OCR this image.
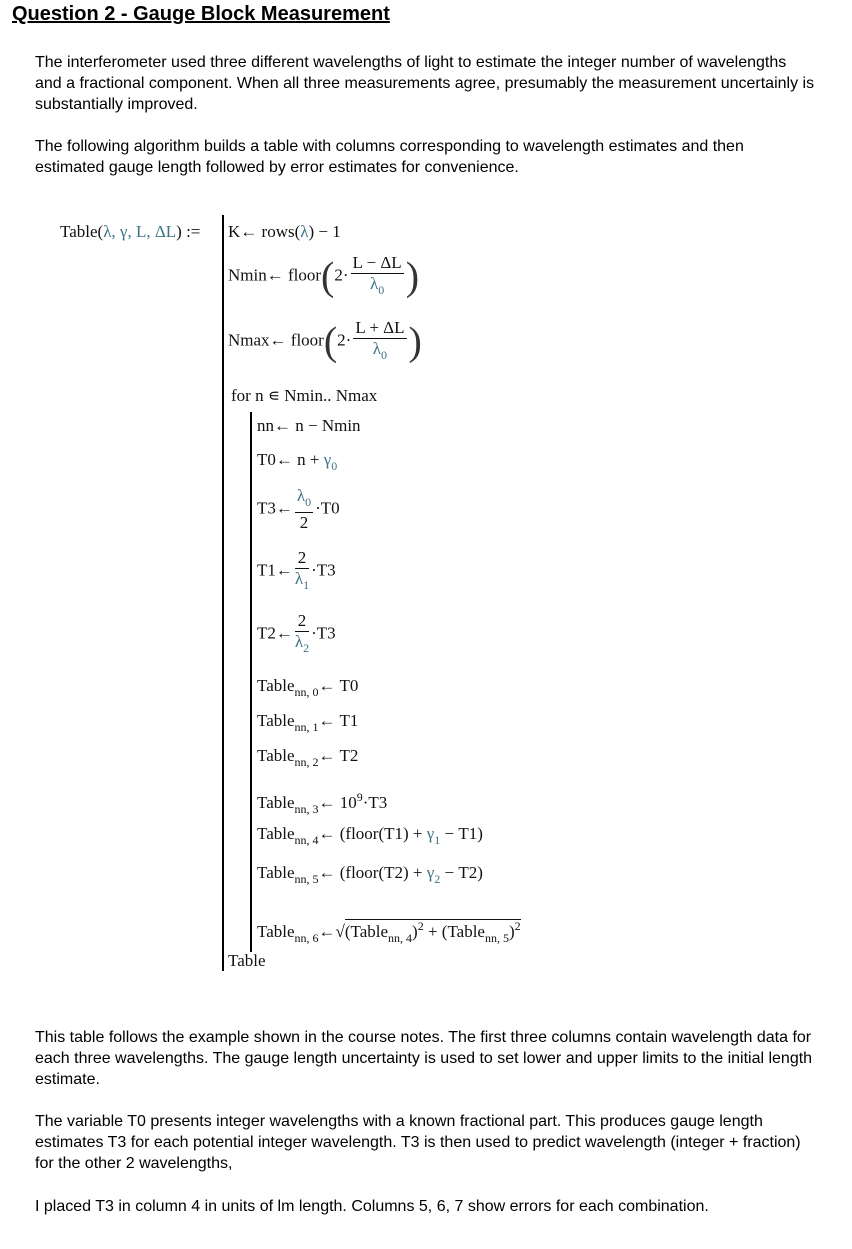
Question 2 - Gauge Block Measurement
The interferometer used three different wavelengths of light to estimate the integer number of wavelengths and a fractional component. When all three measurements agree, presumably the measurement uncertainly is substantially improved.
The following algorithm builds a table with columns corresponding to wavelength estimates and then estimated gauge length followed by error estimates for convenience.
Table(λ, γ, L, ΔL) := K← rows(λ) − 1
Nmin← floor(2· $\frac{L - \Delta L}{\lambda_0}$ )
Nmax← floor(2· $\frac{L + \Delta L}{\lambda_0}$ )
for n ∊ Nmin.. Nmax
nn← n − Nmin
T0← $n + \gamma_0$
T3← $\frac{\lambda_0}{2} \cdot T0$
T1← $\frac{2}{\lambda_1} \cdot T3$
T2← $\frac{2}{\lambda_2} \cdot T3$
Table$_{nn, 0}$← T0
Table$_{nn, 1}$← T1
Table$_{nn, 2}$← T2
Table$_{nn, 3}$← $10^9\cdot T3$
Table$_{nn, 4}$← (floor(T1) + $\gamma_1 - T1$)
Table$_{nn, 5}$← (floor(T2) + $\gamma_2 - T2$)
Table$_{nn, 6}$←√(Table$_{nn, 4}$)$^2$ + (Table$_{nn, 5}$)$^2$
Table
This table follows the example shown in the course notes. The first three columns contain wavelength data for each three wavelengths. The gauge length uncertainty is used to set lower and upper limits to the initial length estimate.
The variable T0 presents integer wavelengths with a known fractional part. This produces gauge length estimates T3 for each potential integer wavelength. T3 is then used to predict wavelength (integer + fraction) for the other 2 wavelengths,
I placed T3 in column 4 in units of lm length. Columns 5, 6, 7 show errors for each combination.
